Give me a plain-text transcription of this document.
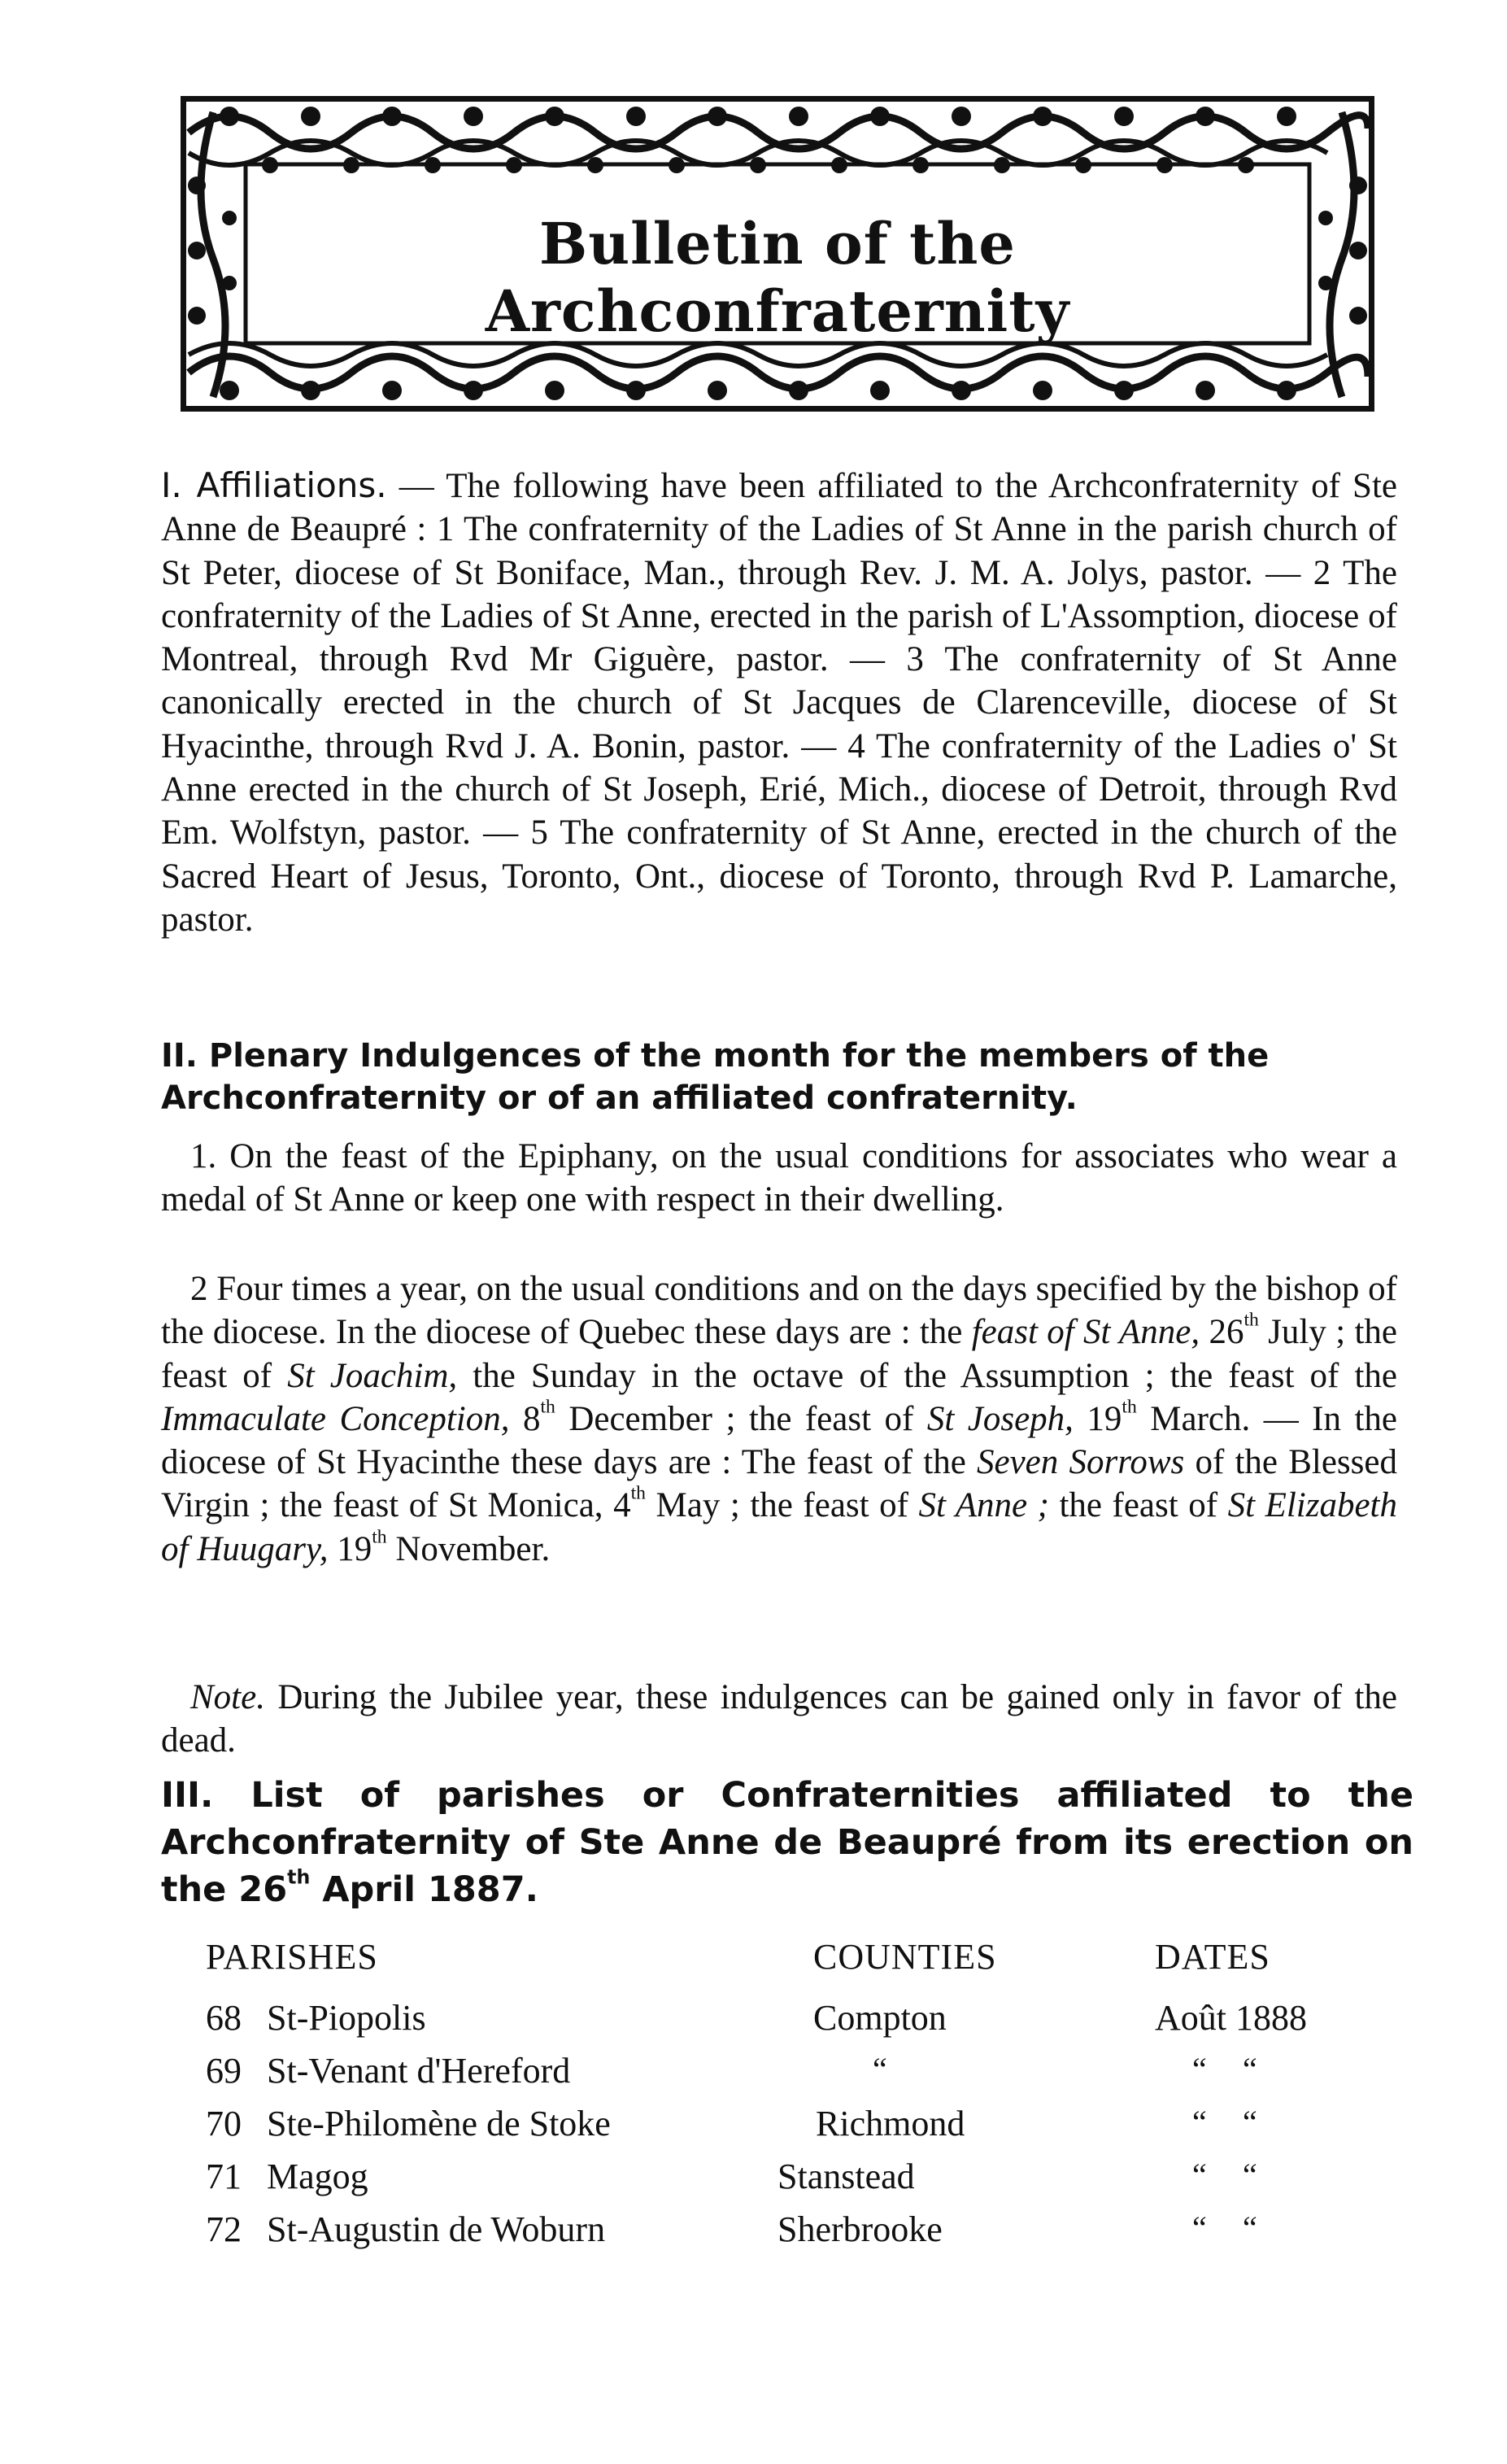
Bulletin of the Archconfraternity

I. Affiliations. — The following have been affiliated to the Archconfraternity of Ste Anne de Beaupré : 1 The confraternity of the Ladies of St Anne in the parish church of St Peter, diocese of St Boniface, Man., through Rev. J. M. A. Jolys, pastor. — 2 The confraternity of the Ladies of St Anne, erected in the parish of L'Assomption, diocese of Montreal, through Rvd Mr Giguère, pastor. — 3 The confraternity of St Anne canonically erected in the church of St Jacques de Clarenceville, diocese of St Hyacinthe, through Rvd J. A. Bonin, pastor. — 4 The confraternity of the Ladies o' St Anne erected in the church of St Joseph, Erié, Mich., diocese of Detroit, through Rvd Em. Wolfstyn, pastor. — 5 The confraternity of St Anne, erected in the church of the Sacred Heart of Jesus, Toronto, Ont., diocese of Toronto, through Rvd P. Lamarche, pastor.

II. Plenary Indulgences of the month for the members of the Archconfraternity or of an affiliated confraternity.
1. On the feast of the Epiphany, on the usual conditions for associates who wear a medal of St Anne or keep one with respect in their dwelling.
2 Four times a year, on the usual conditions and on the days specified by the bishop of the diocese. In the diocese of Quebec these days are : the feast of St Anne, 26th July ; the feast of St Joachim, the Sunday in the octave of the Assumption ; the feast of the Immaculate Conception, 8th December ; the feast of St Joseph, 19th March. — In the diocese of St Hyacinthe these days are : The feast of the Seven Sorrows of the Blessed Virgin ; the feast of St Monica, 4th May ; the feast of St Anne ; the feast of St Elizabeth of Huugary, 19th November.
Note. During the Jubilee year, these indulgences can be gained only in favor of the dead.
III. List of parishes or Confraternities affiliated to the Archconfraternity of Ste Anne de Beaupré from its erection on the 26th April 1887.
PARISHES	COUNTIES	DATES
68 St-Piopolis	Compton	Août 1888
69 St-Venant d'Hereford	“	“ “
70 Ste-Philomène de Stoke	Richmond	“ “
71 Magog	Stanstead	“ “
72 St-Augustin de Woburn	Sherbrooke	“ “
